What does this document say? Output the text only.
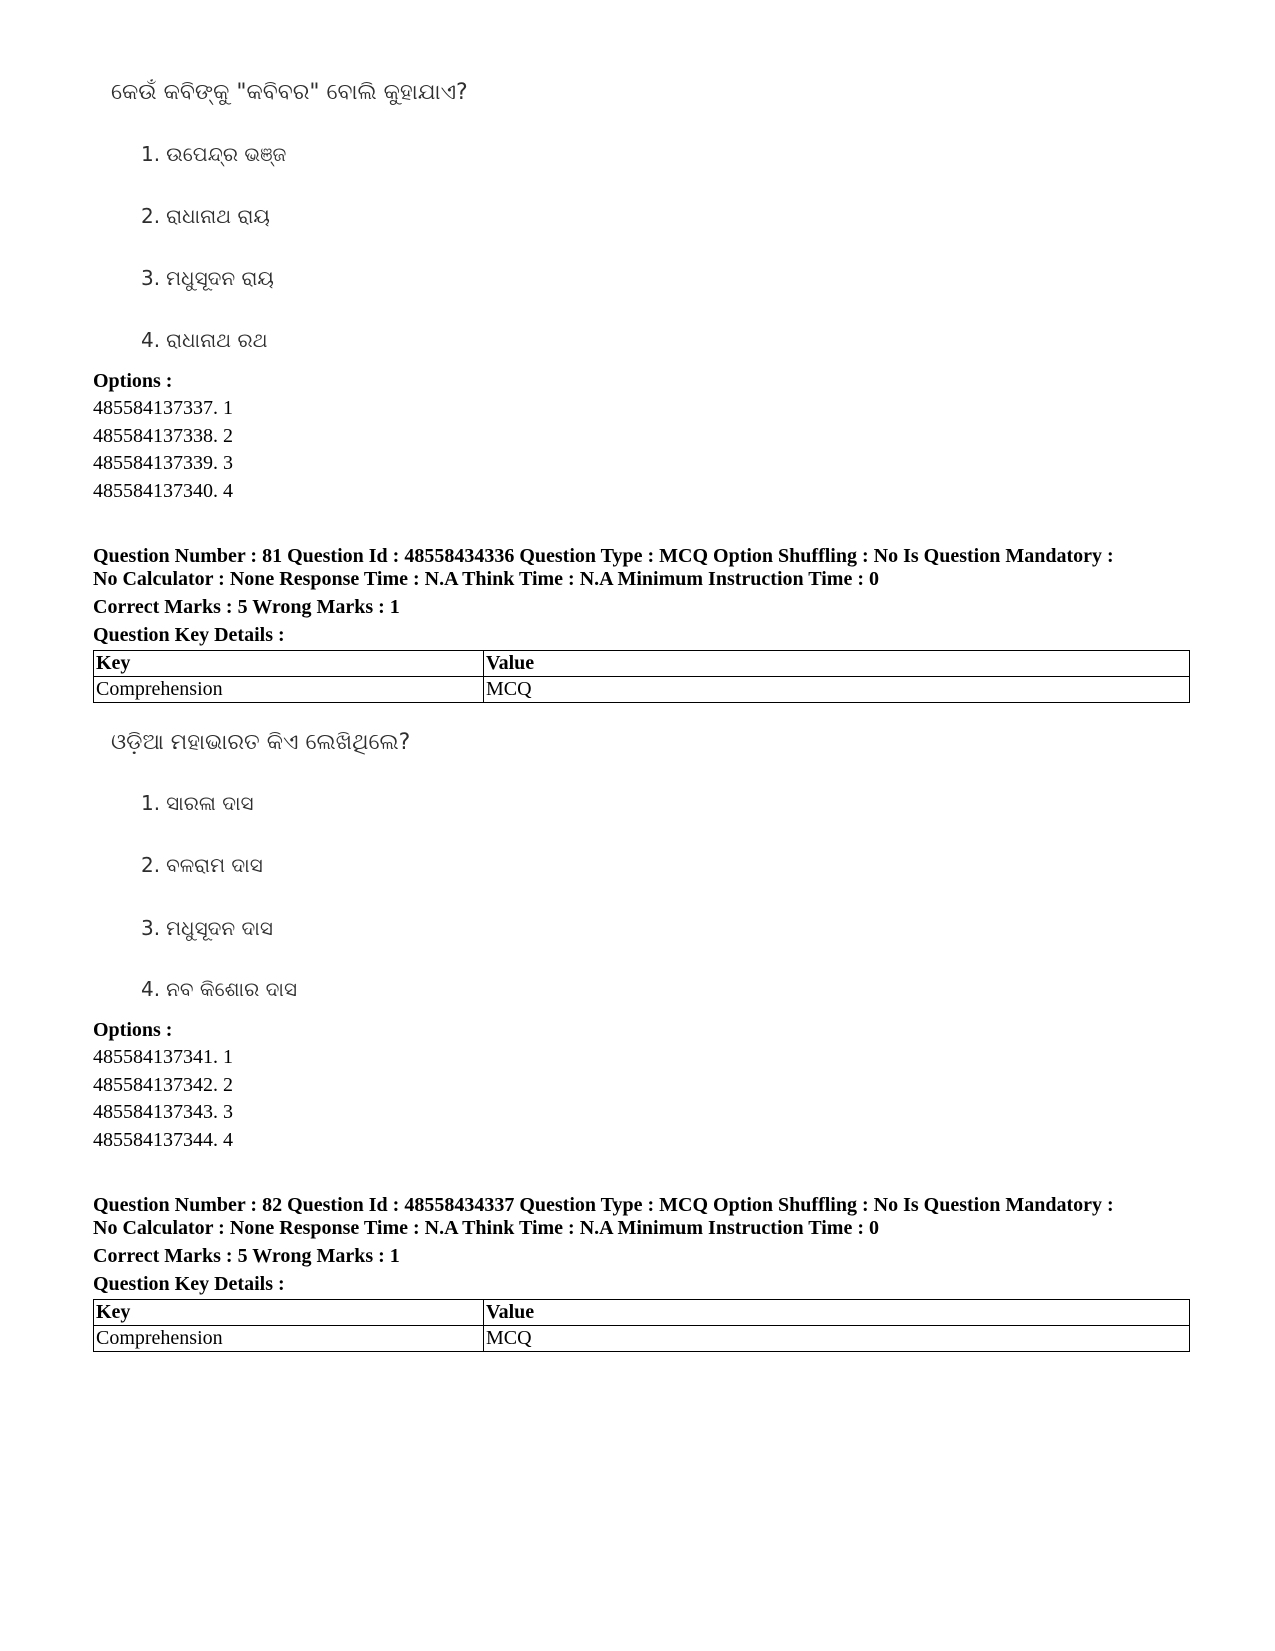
କେଉଁ କବିଙ୍କୁ "କବିବର" ବୋଲି କୁହାଯାଏ?
1. ଉପେନ୍ଦ୍ର ଭଞ୍ଜ
2. ରାଧାନାଥ ରାୟ
3. ମଧୁସୂଦନ ରାୟ
4. ରାଧାନାଥ ରଥ
Options :
485584137337. 1
485584137338. 2
485584137339. 3
485584137340. 4
Question Number : 81 Question Id : 48558434336 Question Type : MCQ Option Shuffling : No Is Question Mandatory :
No Calculator : None Response Time : N.A Think Time : N.A Minimum Instruction Time : 0
Correct Marks : 5 Wrong Marks : 1
Question Key Details :
Key	Value
Comprehension	MCQ
ଓଡ଼ିଆ ମହାଭାରତ କିଏ ଲେଖିଥିଲେ?
1. ସାରଳା ଦାସ
2. ବଳରାମ ଦାସ
3. ମଧୁସୂଦନ ଦାସ
4. ନବ କିଶୋର ଦାସ
Options :
485584137341. 1
485584137342. 2
485584137343. 3
485584137344. 4
Question Number : 82 Question Id : 48558434337 Question Type : MCQ Option Shuffling : No Is Question Mandatory :
No Calculator : None Response Time : N.A Think Time : N.A Minimum Instruction Time : 0
Correct Marks : 5 Wrong Marks : 1
Question Key Details :
Key	Value
Comprehension	MCQ
